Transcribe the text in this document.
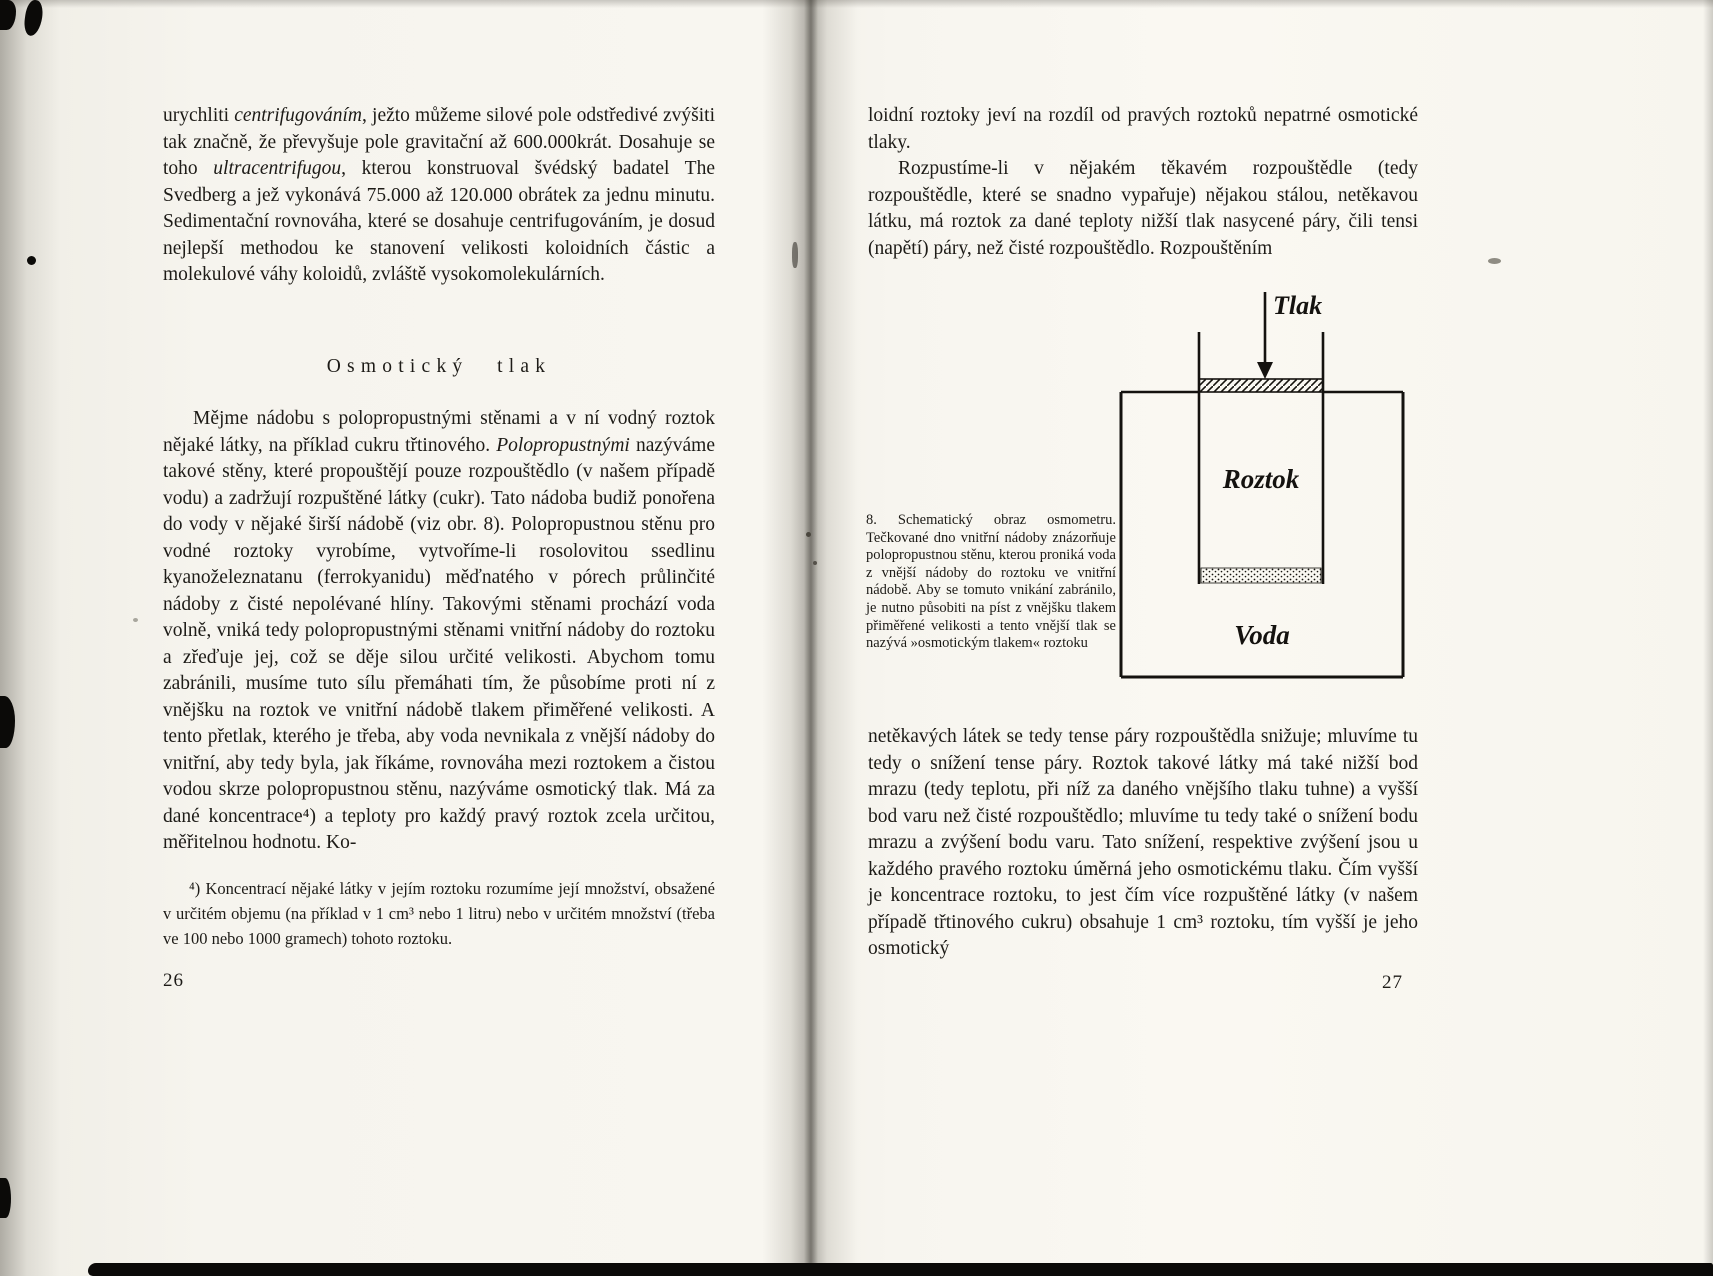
urychliti centrifugováním, ježto můžeme silové pole odstředivé zvýšiti tak značně, že převyšuje pole gravitační až 600.000krát. Dosahuje se toho ultracentrifugou, kterou konstruoval švédský badatel The Svedberg a jež vykonává 75.000 až 120.000 obrátek za jednu minutu. Sedimentační rovnováha, které se dosahuje centrifugováním, je dosud nejlepší methodou ke stanovení velikosti koloidních částic a molekulové váhy koloidů, zvláště vysokomolekulárních.

Osmotický tlak

Mějme nádobu s polopropustnými stěnami a v ní vodný roztok nějaké látky, na příklad cukru třtinového. Polopropustnými nazýváme takové stěny, které propouštějí pouze rozpouštědlo (v našem případě vodu) a zadržují rozpuštěné látky (cukr). Tato nádoba budiž ponořena do vody v nějaké širší nádobě (viz obr. 8). Polopropustnou stěnu pro vodné roztoky vyrobíme, vytvoříme-li rosolovitou ssedlinu kyanoželeznatanu (ferrokyanidu) měďnatého v pórech průlinčité nádoby z čisté nepolévané hlíny. Takovými stěnami prochází voda volně, vniká tedy polopropustnými stěnami vnitřní nádoby do roztoku a zřeďuje jej, což se děje silou určité velikosti. Abychom tomu zabránili, musíme tuto sílu přemáhati tím, že působíme proti ní z vnějšku na roztok ve vnitřní nádobě tlakem přiměřené velikosti. A tento přetlak, kterého je třeba, aby voda nevnikala z vnější nádoby do vnitřní, aby tedy byla, jak říkáme, rovnováha mezi roztokem a čistou vodou skrze polopropustnou stěnu, nazýváme osmotický tlak. Má za dané koncentrace⁴) a teploty pro každý pravý roztok zcela určitou, měřitelnou hodnotu. Ko-

⁴) Koncentrací nějaké látky v jejím roztoku rozumíme její množství, obsažené v určitém objemu (na příklad v 1 cm³ nebo 1 litru) nebo v určitém množství (třeba ve 100 nebo 1000 gramech) tohoto roztoku.

26

loidní roztoky jeví na rozdíl od pravých roztoků nepatrné osmotické tlaky.

Rozpustíme-li v nějakém těkavém rozpouštědle (tedy rozpouštědle, které se snadno vypařuje) nějakou stálou, netěkavou látku, má roztok za dané teploty nižší tlak nasycené páry, čili tensi (napětí) páry, než čisté rozpouštědlo. Rozpouštěním

8. Schematický obraz osmometru. Tečkované dno vnitřní nádoby znázorňuje polopropustnou stěnu, kterou proniká voda z vnější nádoby do roztoku ve vnitřní nádobě. Aby se tomuto vnikání zabránilo, je nutno působiti na píst z vnějšku tlakem přiměřené velikosti a tento vnější tlak se nazývá »osmotickým tlakem« roztoku

Tlak
Roztok
Voda

netěkavých látek se tedy tense páry rozpouštědla snižuje; mluvíme tu tedy o snížení tense páry. Roztok takové látky má také nižší bod mrazu (tedy teplotu, při níž za daného vnějšího tlaku tuhne) a vyšší bod varu než čisté rozpouštědlo; mluvíme tu tedy také o snížení bodu mrazu a zvýšení bodu varu. Tato snížení, respektive zvýšení jsou u každého pravého roztoku úměrná jeho osmotickému tlaku. Čím vyšší je koncentrace roztoku, to jest čím více rozpuštěné látky (v našem případě třtinového cukru) obsahuje 1 cm³ roztoku, tím vyšší je jeho osmotický

27
